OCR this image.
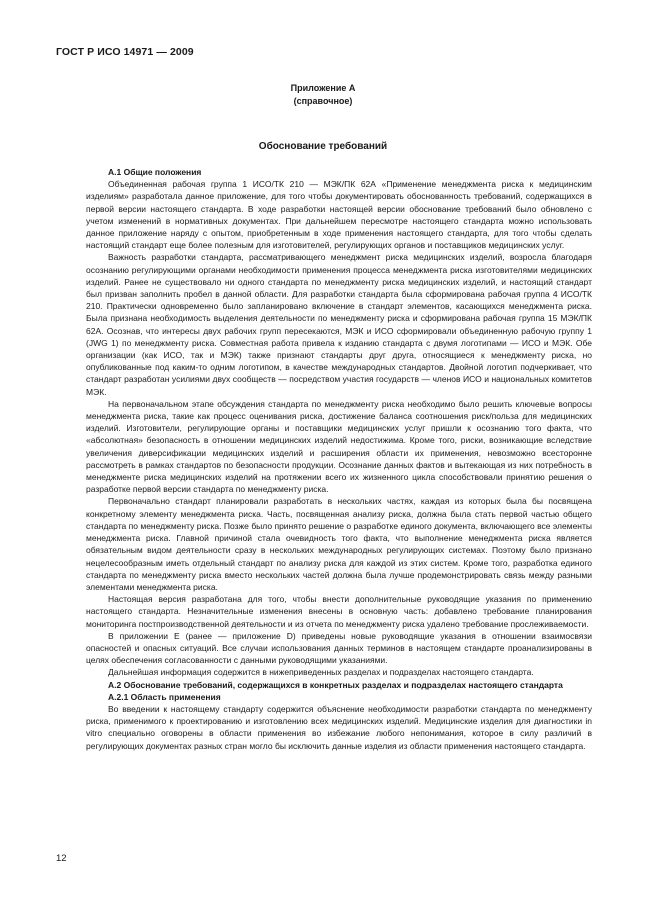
ГОСТ Р ИСО 14971 — 2009
Приложение А
(справочное)
Обоснование требований
А.1 Общие положения

Объединенная рабочая группа 1 ИСО/ТК 210 — МЭК/ПК 62А «Применение менеджмента риска к медицинским изделиям» разработала данное приложение, для того чтобы документировать обоснованность требований, содержащихся в первой версии настоящего стандарта. В ходе разработки настоящей версии обоснование требований было обновлено с учетом изменений в нормативных документах. При дальнейшем пересмотре настоящего стандарта можно использовать данное приложение наряду с опытом, приобретенным в ходе применения настоящего стандарта, для того чтобы сделать настоящий стандарт еще более полезным для изготовителей, регулирующих органов и поставщиков медицинских услуг.

Важность разработки стандарта, рассматривающего менеджмент риска медицинских изделий, возросла благодаря осознанию регулирующими органами необходимости применения процесса менеджмента риска изготовителями медицинских изделий. Ранее не существовало ни одного стандарта по менеджменту риска медицинских изделий, и настоящий стандарт был призван заполнить пробел в данной области. Для разработки стандарта была сформирована рабочая группа 4 ИСО/ТК 210. Практически одновременно было запланировано включение в стандарт элементов, касающихся менеджмента риска. Была признана необходимость выделения деятельности по менеджменту риска и сформирована рабочая группа 15 МЭК/ПК 62А. Осознав, что интересы двух рабочих групп пересекаются, МЭК и ИСО сформировали объединенную рабочую группу 1 (JWG 1) по менеджменту риска. Совместная работа привела к изданию стандарта с двумя логотипами — ИСО и МЭК. Обе организации (как ИСО, так и МЭК) также признают стандарты друг друга, относящиеся к менеджменту риска, но опубликованные под каким-то одним логотипом, в качестве международных стандартов. Двойной логотип подчеркивает, что стандарт разработан усилиями двух сообществ — посредством участия государств — членов ИСО и национальных комитетов МЭК.

На первоначальном этапе обсуждения стандарта по менеджменту риска необходимо было решить ключевые вопросы менеджмента риска, такие как процесс оценивания риска, достижение баланса соотношения риск/польза для медицинских изделий. Изготовители, регулирующие органы и поставщики медицинских услуг пришли к осознанию того факта, что «абсолютная» безопасность в отношении медицинских изделий недостижима. Кроме того, риски, возникающие вследствие увеличения диверсификации медицинских изделий и расширения области их применения, невозможно всесторонне рассмотреть в рамках стандартов по безопасности продукции. Осознание данных фактов и вытекающая из них потребность в менеджменте риска медицинских изделий на протяжении всего их жизненного цикла способствовали принятию решения о разработке первой версии стандарта по менеджменту риска.

Первоначально стандарт планировали разработать в нескольких частях, каждая из которых была бы посвящена конкретному элементу менеджмента риска. Часть, посвященная анализу риска, должна была стать первой частью общего стандарта по менеджменту риска. Позже было принято решение о разработке единого документа, включающего все элементы менеджмента риска. Главной причиной стала очевидность того факта, что выполнение менеджмента риска является обязательным видом деятельности сразу в нескольких международных регулирующих системах. Поэтому было признано нецелесообразным иметь отдельный стандарт по анализу риска для каждой из этих систем. Кроме того, разработка единого стандарта по менеджменту риска вместо нескольких частей должна была лучше продемонстрировать связь между разными элементами менеджмента риска.

Настоящая версия разработана для того, чтобы внести дополнительные руководящие указания по применению настоящего стандарта. Незначительные изменения внесены в основную часть: добавлено требование планирования мониторинга постпроизводственной деятельности и из отчета по менеджменту риска удалено требование прослеживаемости.

В приложении Е (ранее — приложение D) приведены новые руководящие указания в отношении взаимосвязи опасностей и опасных ситуаций. Все случаи использования данных терминов в настоящем стандарте проанализированы в целях обеспечения согласованности с данными руководящими указаниями.

Дальнейшая информация содержится в нижеприведенных разделах и подразделах настоящего стандарта.

А.2 Обоснование требований, содержащихся в конкретных разделах и подразделах настоящего стандарта
А.2.1 Область применения

Во введении к настоящему стандарту содержится объяснение необходимости разработки стандарта по менеджменту риска, применимого к проектированию и изготовлению всех медицинских изделий. Медицинские изделия для диагностики in vitro специально оговорены в области применения во избежание любого непонимания, которое в силу различий в регулирующих документах разных стран могло бы исключить данные изделия из области применения настоящего стандарта.

12
